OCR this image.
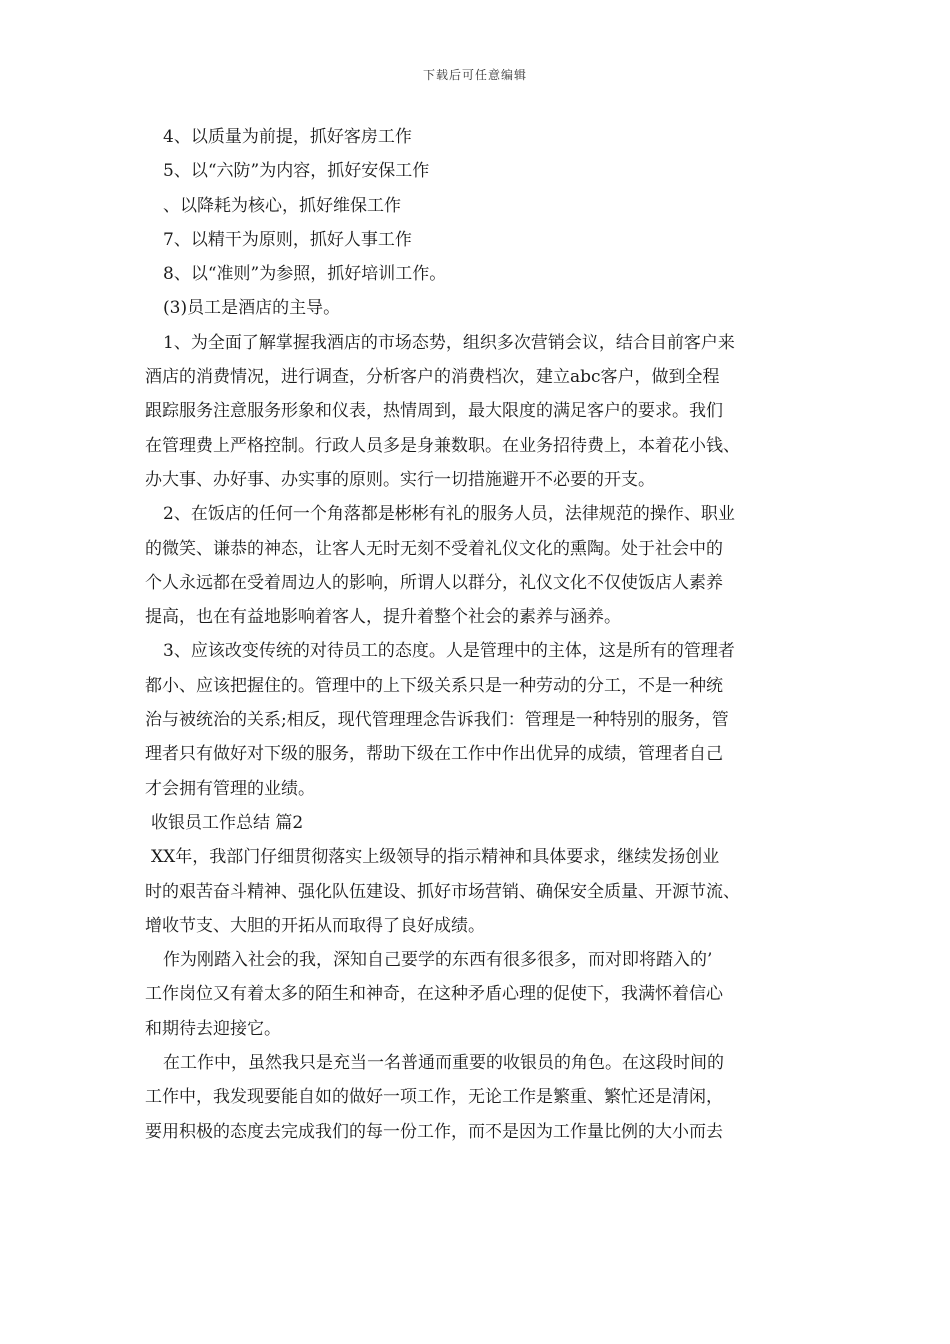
下载后可任意编辑
4、以质量为前提，抓好客房工作
5、以“六防”为内容，抓好安保工作
、以降耗为核心，抓好维保工作
7、以精干为原则，抓好人事工作
8、以“准则”为参照，抓好培训工作。
(3)员工是酒店的主导。
1、为全面了解掌握我酒店的市场态势，组织多次营销会议，结合目前客户来
酒店的消费情况，进行调查，分析客户的消费档次，建立abc客户，做到全程
跟踪服务注意服务形象和仪表，热情周到，最大限度的满足客户的要求。我们
在管理费上严格控制。行政人员多是身兼数职。在业务招待费上，本着花小钱、
办大事、办好事、办实事的原则。实行一切措施避开不必要的开支。
2、在饭店的任何一个角落都是彬彬有礼的服务人员，法律规范的操作、职业
的微笑、谦恭的神态，让客人无时无刻不受着礼仪文化的熏陶。处于社会中的
个人永远都在受着周边人的影响，所谓人以群分，礼仪文化不仅使饭店人素养
提高，也在有益地影响着客人，提升着整个社会的素养与涵养。
3、应该改变传统的对待员工的态度。人是管理中的主体，这是所有的管理者
都小、应该把握住的。管理中的上下级关系只是一种劳动的分工，不是一种统
治与被统治的关系;相反，现代管理理念告诉我们：管理是一种特别的服务，管
理者只有做好对下级的服务，帮助下级在工作中作出优异的成绩，管理者自己
才会拥有管理的业绩。
收银员工作总结 篇2
XX年，我部门仔细贯彻落实上级领导的指示精神和具体要求，继续发扬创业
时的艰苦奋斗精神、强化队伍建设、抓好市场营销、确保安全质量、开源节流、
增收节支、大胆的开拓从而取得了良好成绩。
作为刚踏入社会的我，深知自己要学的东西有很多很多，而对即将踏入的’
工作岗位又有着太多的陌生和神奇，在这种矛盾心理的促使下，我满怀着信心
和期待去迎接它。
在工作中，虽然我只是充当一名普通而重要的收银员的角色。在这段时间的
工作中，我发现要能自如的做好一项工作，无论工作是繁重、繁忙还是清闲，
要用积极的态度去完成我们的每一份工作，而不是因为工作量比例的大小而去
